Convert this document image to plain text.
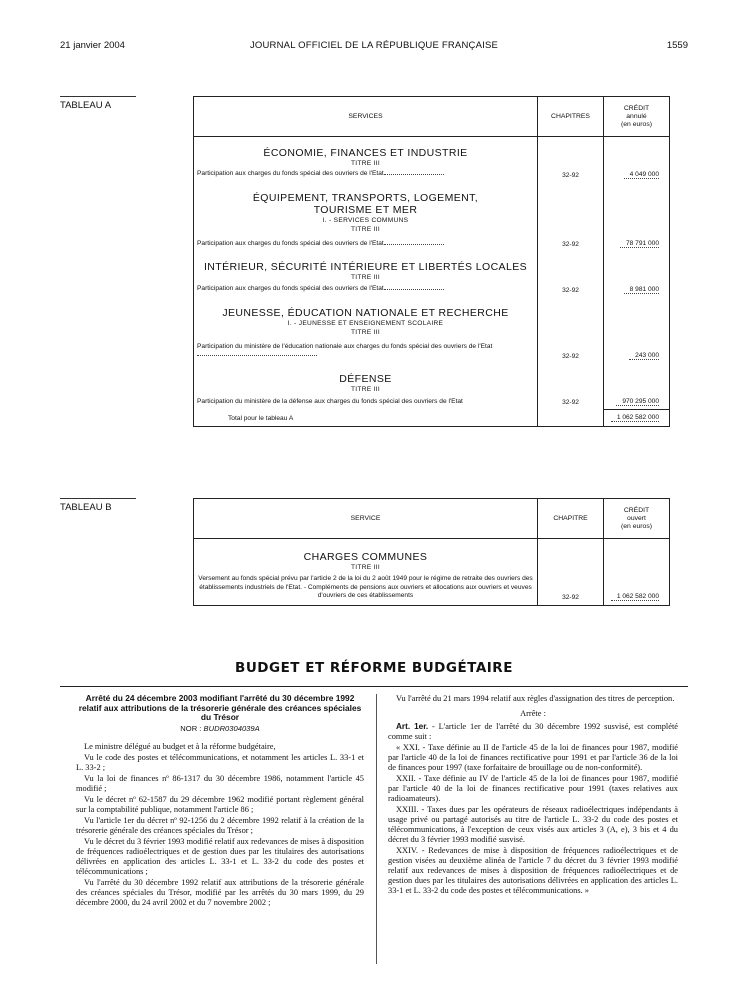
21 janvier 2004	JOURNAL OFFICIEL DE LA RÉPUBLIQUE FRANÇAISE	1559
TABLEAU A
SERVICES	CHAPITRES	CRÉDIT
annulé
(en euros)

ÉCONOMIE, FINANCES ET INDUSTRIE
TITRE III
Participation aux charges du fonds spécial des ouvriers de l'Etat	32-92	4 049 000

ÉQUIPEMENT, TRANSPORTS, LOGEMENT,
TOURISME ET MER
I. - SERVICES COMMUNS
TITRE III
Participation aux charges du fonds spécial des ouvriers de l'Etat	32-92	78 791 000

INTÉRIEUR, SÉCURITÉ INTÉRIEURE ET LIBERTÉS LOCALES
TITRE III
Participation aux charges du fonds spécial des ouvriers de l'Etat	32-92	8 981 000

JEUNESSE, ÉDUCATION NATIONALE ET RECHERCHE
I. - JEUNESSE ET ENSEIGNEMENT SCOLAIRE
TITRE III
Participation du ministère de l'éducation nationale aux charges du fonds spécial des ouvriers de l'Etat	32-92	243 000

DÉFENSE
TITRE III
Participation du ministère de la défense aux charges du fonds spécial des ouvriers de l'Etat	32-92	970 295 000

Total pour le tableau A		1 062 582 000
TABLEAU B
SERVICE	CHAPITRE	CRÉDIT
ouvert
(en euros)

CHARGES COMMUNES
TITRE III
Versement au fonds spécial prévu par l'article 2 de la loi du 2 août 1949 pour le régime de retraite des ouvriers des établissements industriels de l'Etat. - Compléments de pensions aux ouvriers et allocations aux ouvriers et veuves d'ouvriers de ces établissements	32-92	1 062 582 000
BUDGET ET RÉFORME BUDGÉTAIRE
Arrêté du 24 décembre 2003 modifiant l'arrêté du 30 décembre 1992 relatif aux attributions de la trésorerie générale des créances spéciales du Trésor
NOR : BUDR0304039A

Le ministre délégué au budget et à la réforme budgétaire,

Vu le code des postes et télécommunications, et notamment les articles L. 33-1 et L. 33-2 ;

Vu la loi de finances nº 86-1317 du 30 décembre 1986, notamment l'article 45 modifié ;

Vu le décret nº 62-1587 du 29 décembre 1962 modifié portant règlement général sur la comptabilité publique, notamment l'article 86 ;

Vu l'article 1er du décret nº 92-1256 du 2 décembre 1992 relatif à la création de la trésorerie générale des créances spéciales du Trésor ;

Vu le décret du 3 février 1993 modifié relatif aux redevances de mises à disposition de fréquences radioélectriques et de gestion dues par les titulaires des autorisations délivrées en application des articles L. 33-1 et L. 33-2 du code des postes et télécommunications ;

Vu l'arrêté du 30 décembre 1992 relatif aux attributions de la trésorerie générale des créances spéciales du Trésor, modifié par les arrêtés du 30 mars 1999, du 29 décembre 2000, du 24 avril 2002 et du 7 novembre 2002 ;

Vu l'arrêté du 21 mars 1994 relatif aux règles d'assignation des titres de perception.

Arrête :

Art. 1er. - L'article 1er de l'arrêté du 30 décembre 1992 susvisé, est complété comme suit :

« XXI. - Taxe définie au II de l'article 45 de la loi de finances pour 1987, modifié par l'article 40 de la loi de finances rectificative pour 1991 et par l'article 36 de la loi de finances pour 1997 (taxe forfaitaire de brouillage ou de non-conformité).

XXII. - Taxe définie au IV de l'article 45 de la loi de finances pour 1987, modifié par l'article 40 de la loi de finances rectificative pour 1991 (taxes relatives aux radioamateurs).

XXIII. - Taxes dues par les opérateurs de réseaux radioélectriques indépendants à usage privé ou partagé autorisés au titre de l'article L. 33-2 du code des postes et télécommunications, à l'exception de ceux visés aux articles 3 (A, e), 3 bis et 4 du décret du 3 février 1993 modifié susvisé.

XXIV. - Redevances de mise à disposition de fréquences radioélectriques et de gestion visées au deuxième alinéa de l'article 7 du décret du 3 février 1993 modifié relatif aux redevances de mises à disposition de fréquences radioélectriques et de gestion dues par les titulaires des autorisations délivrées en application des articles L. 33-1 et L. 33-2 du code des postes et télécommunications. »
